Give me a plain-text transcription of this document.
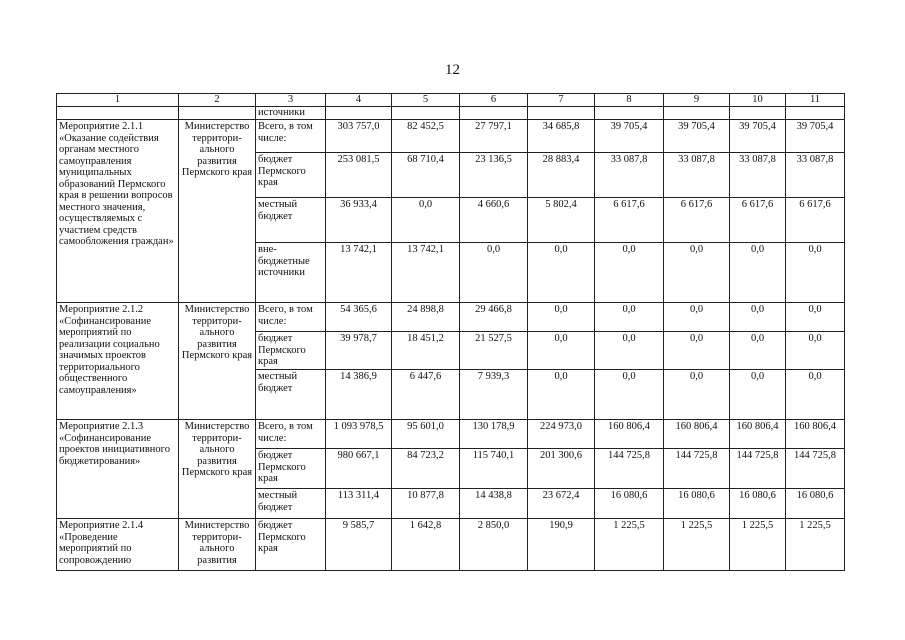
12
1	2	3	4	5	6	7	8	9	10	11
		источники								
Мероприятие 2.1.1 «Оказание содействия органам местного самоуправления муниципальных образований Пермского края в решении вопросов местного значения, осуществляемых с участием средств самообложения граждан»	Министерство территори-ального развития Пермского края	Всего, в том числе:	303 757,0	82 452,5	27 797,1	34 685,8	39 705,4	39 705,4	39 705,4	39 705,4
		бюджет Пермского края	253 081,5	68 710,4	23 136,5	28 883,4	33 087,8	33 087,8	33 087,8	33 087,8
		местный бюджет	36 933,4	0,0	4 660,6	5 802,4	6 617,6	6 617,6	6 617,6	6 617,6
		вне-бюджетные источники	13 742,1	13 742,1	0,0	0,0	0,0	0,0	0,0	0,0
Мероприятие 2.1.2 «Софинансирование мероприятий по реализации социально значимых проектов территориального общественного самоуправления»	Министерство территори-ального развития Пермского края	Всего, в том числе:	54 365,6	24 898,8	29 466,8	0,0	0,0	0,0	0,0	0,0
		бюджет Пермского края	39 978,7	18 451,2	21 527,5	0,0	0,0	0,0	0,0	0,0
		местный бюджет	14 386,9	6 447,6	7 939,3	0,0	0,0	0,0	0,0	0,0
Мероприятие 2.1.3 «Софинансирование проектов инициативного бюджетирования»	Министерство территори-ального развития Пермского края	Всего, в том числе:	1 093 978,5	95 601,0	130 178,9	224 973,0	160 806,4	160 806,4	160 806,4	160 806,4
		бюджет Пермского края	980 667,1	84 723,2	115 740,1	201 300,6	144 725,8	144 725,8	144 725,8	144 725,8
		местный бюджет	113 311,4	10 877,8	14 438,8	23 672,4	16 080,6	16 080,6	16 080,6	16 080,6
Мероприятие 2.1.4 «Проведение мероприятий по сопровождению	Министерство территори-ального развития	бюджет Пермского края	9 585,7	1 642,8	2 850,0	190,9	1 225,5	1 225,5	1 225,5	1 225,5
